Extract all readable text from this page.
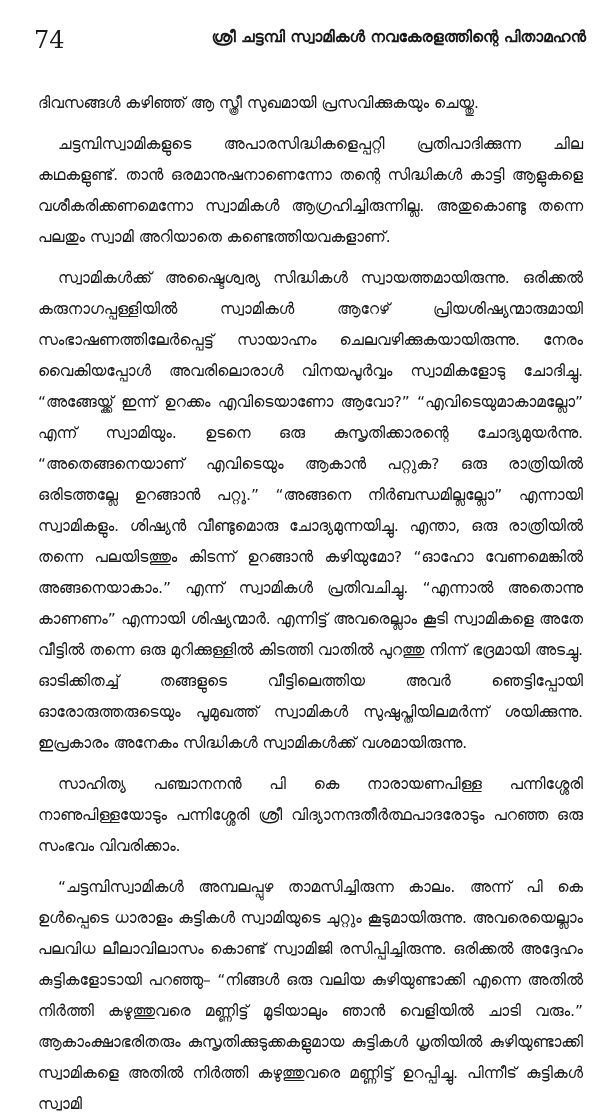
74	ശ്രീ ചട്ടമ്പി സ്വാമികൾ നവകേരളത്തിന്റെ പിതാമഹൻ

ദിവസങ്ങൾ കഴിഞ്ഞ് ആ സ്ത്രീ സുഖമായി പ്രസവിക്കുകയും ചെയ്തു.

ചട്ടമ്പിസ്വാമികളുടെ അപാരസിദ്ധികളെപ്പറ്റി പ്രതിപാദിക്കുന്ന ചില കഥകളുണ്ട്. താൻ ഒരമാനുഷനാണെന്നോ തന്റെ സിദ്ധികൾ കാട്ടി ആളുകളെ വശീകരിക്കണമെന്നോ സ്വാമികൾ ആഗ്രഹിച്ചിരുന്നില്ല. അതുകൊണ്ടു തന്നെ പലതും സ്വാമി അറിയാതെ കണ്ടെത്തിയവകളാണ്.

സ്വാമികൾക്ക് അഷ്ടൈശ്വര്യ സിദ്ധികൾ സ്വായത്തമായിരുന്നു. ഒരിക്കൽ കരുനാഗപ്പള്ളിയിൽ സ്വാമികൾ ആറേഴ് പ്രിയശിഷ്യന്മാരുമായി സംഭാഷണത്തിലേർപ്പെട്ട് സായാഹ്നം ചെലവഴിക്കുകയായിരുന്നു. നേരം വൈകിയപ്പോൾ അവരിലൊരാൾ വിനയപൂർവ്വം സ്വാമികളോടു ചോദിച്ചു. “അങ്ങേയ്ക്ക് ഇന്ന് ഉറക്കം എവിടെയാണോ ആവോ?” “എവിടെയുമാകാമല്ലോ” എന്ന് സ്വാമിയും. ഉടനെ ഒരു കുസൃതിക്കാരന്റെ ചോദ്യമുയർന്നു. “അതെങ്ങനെയാണ് എവിടെയും ആകാൻ പറ്റുക? ഒരു രാത്രിയിൽ ഒരിടത്തല്ലേ ഉറങ്ങാൻ പറ്റൂ.” “അങ്ങനെ നിർബന്ധമില്ലല്ലോ” എന്നായി സ്വാമികളും. ശിഷ്യൻ വീണ്ടുമൊരു ചോദ്യമുന്നയിച്ചു. എന്താ, ഒരു രാത്രിയിൽ തന്നെ പലയിടത്തും കിടന്ന് ഉറങ്ങാൻ കഴിയുമോ? “ഓഹോ വേണമെങ്കിൽ അങ്ങനെയാകാം.” എന്ന് സ്വാമികൾ പ്രതിവചിച്ചു. “എന്നാൽ അതൊന്നു കാണണം” എന്നായി ശിഷ്യന്മാർ. എന്നിട്ട് അവരെല്ലാം കൂടി സ്വാമികളെ അതേ വീട്ടിൽ തന്നെ ഒരു മുറിക്കുള്ളിൽ കിടത്തി വാതിൽ പുറത്തു നിന്ന് ഭദ്രമായി അടച്ചു. ഓടിക്കിതച്ച് തങ്ങളുടെ വീട്ടിലെത്തിയ അവർ ഞെട്ടിപ്പോയി ഓരോരുത്തരുടെയും പൂമുഖത്ത് സ്വാമികൾ സുഷുപ്തിയിലമർന്ന് ശയിക്കുന്നു. ഇപ്രകാരം അനേകം സിദ്ധികൾ സ്വാമികൾക്ക് വശമായിരുന്നു.

സാഹിത്യ പഞ്ചാനനൻ പി കെ നാരായണപിള്ള പന്നിശ്ശേരി നാണുപിള്ളയോടും പന്നിശ്ശേരി ശ്രീ വിദ്യാനന്ദതീർത്ഥപാദരോടും പറഞ്ഞ ഒരു സംഭവം വിവരിക്കാം.

“ചട്ടമ്പിസ്വാമികൾ അമ്പലപ്പുഴ താമസിച്ചിരുന്ന കാലം. അന്ന് പി കെ ഉൾപ്പെടെ ധാരാളം കുട്ടികൾ സ്വാമിയുടെ ചുറ്റും കൂടുമായിരുന്നു. അവരെയെല്ലാം പലവിധ ലീലാവിലാസം കൊണ്ട് സ്വാമിജി രസിപ്പിച്ചിരുന്നു. ഒരിക്കൽ അദ്ദേഹം കുട്ടികളോടായി പറഞ്ഞു– “നിങ്ങൾ ഒരു വലിയ കുഴിയുണ്ടാക്കി എന്നെ അതിൽ നിർത്തി കഴുത്തുവരെ മണ്ണിട്ട് മൂടിയാലും ഞാൻ വെളിയിൽ ചാടി വരും.” ആകാംക്ഷാഭരിതരും കുസൃതിക്കുടുക്കകളുമായ കുട്ടികൾ ധൃതിയിൽ കുഴിയുണ്ടാക്കി സ്വാമികളെ അതിൽ നിർത്തി കഴുത്തുവരെ മണ്ണിട്ട് ഉറപ്പിച്ചു. പിന്നീട് കുട്ടികൾ സ്വാമി
